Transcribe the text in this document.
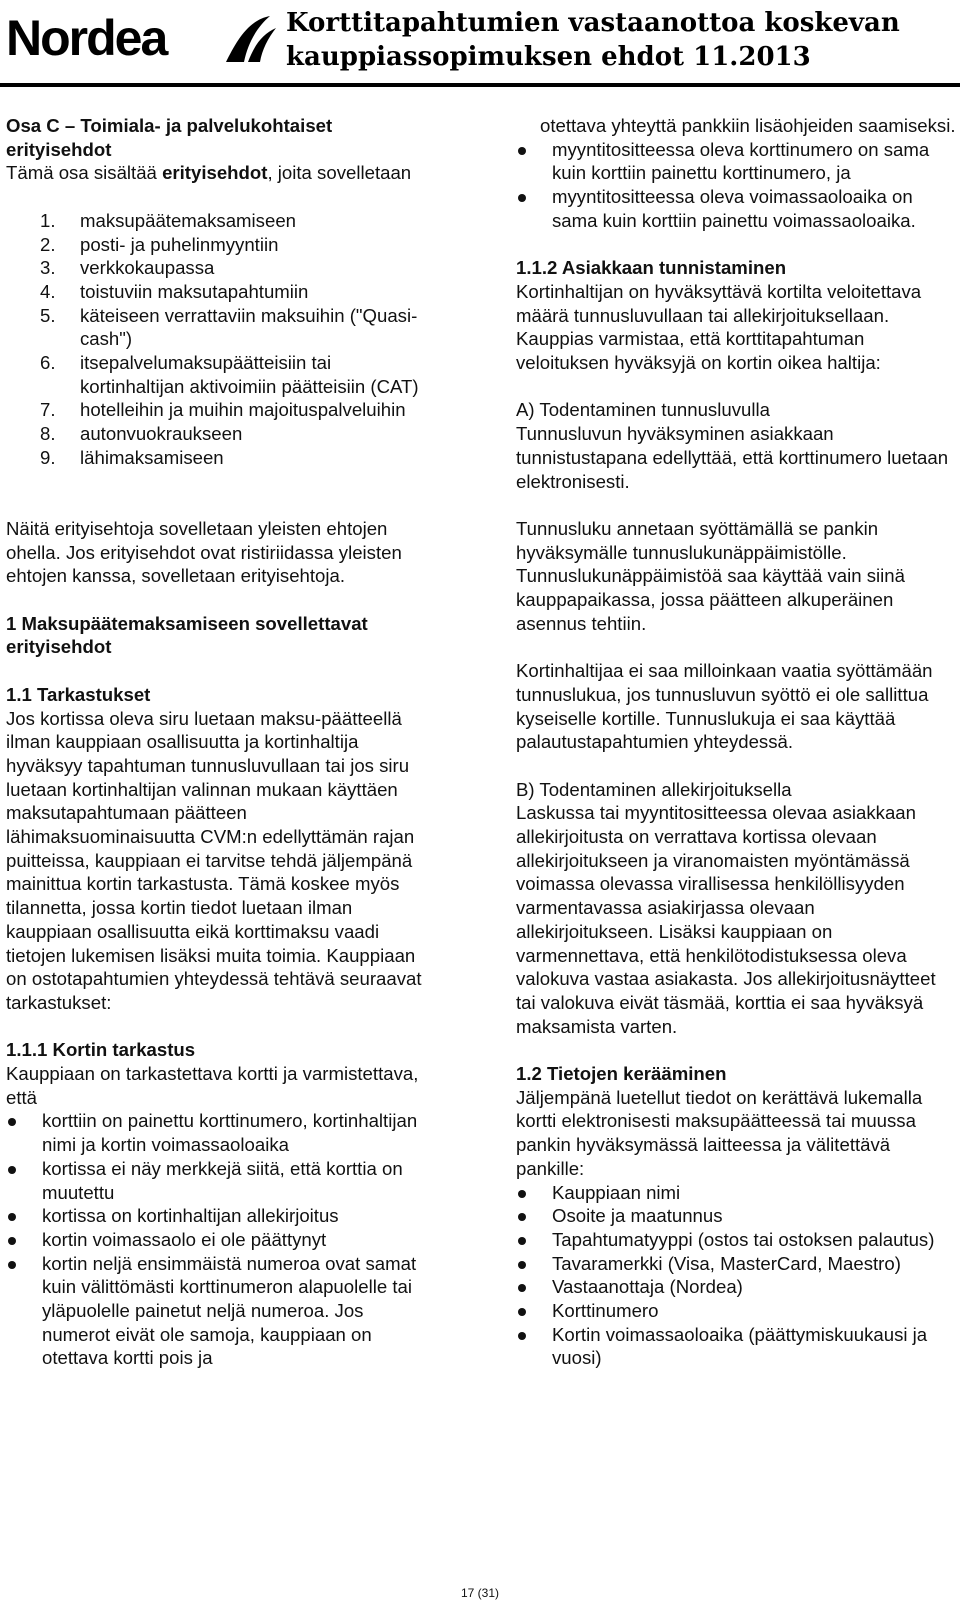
Nordea	Korttitapahtumien vastaanottoa koskevan kauppiassopimuksen ehdot 11.2013

Osa C – Toimiala- ja palvelukohtaiset erityisehdot

Tämä osa sisältää erityisehdot, joita sovelletaan

1. maksupäätemaksamiseen
2. posti- ja puhelinmyyntiin
3. verkkokaupassa
4. toistuviin maksutapahtumiin
5. käteiseen verrattaviin maksuihin ("Quasi-cash")
6. itsepalvelumaksupäätteisiin tai kortinhaltijan aktivoimiin päätteisiin (CAT)
7. hotelleihin ja muihin majoituspalveluihin
8. autonvuokraukseen
9. lähimaksamiseen

Näitä erityisehtoja sovelletaan yleisten ehtojen ohella. Jos erityisehdot ovat ristiriidassa yleisten ehtojen kanssa, sovelletaan erityisehtoja.

1 Maksupäätemaksamiseen sovellettavat erityisehdot

1.1 Tarkastukset

Jos kortissa oleva siru luetaan maksu-päätteellä ilman kauppiaan osallisuutta ja kortinhaltija hyväksyy tapahtuman tunnusluvullaan tai jos siru luetaan kortinhaltijan valinnan mukaan käyttäen maksutapahtumaan päätteen lähimaksuominaisuutta CVM:n edellyttämän rajan puitteissa, kauppiaan ei tarvitse tehdä jäljempänä mainittua kortin tarkastusta. Tämä koskee myös tilannetta, jossa kortin tiedot luetaan ilman kauppiaan osallisuutta eikä korttimaksu vaadi tietojen lukemisen lisäksi muita toimia. Kauppiaan on ostotapahtumien yhteydessä tehtävä seuraavat tarkastukset:

1.1.1 Kortin tarkastus

Kauppiaan on tarkastettava kortti ja varmistettava, että

korttiin on painettu korttinumero, kortinhaltijan nimi ja kortin voimassaoloaika
kortissa ei näy merkkejä siitä, että korttia on muutettu
kortissa on kortinhaltijan allekirjoitus
kortin voimassaolo ei ole päättynyt
kortin neljä ensimmäistä numeroa ovat samat kuin välittömästi korttinumeron alapuolelle tai yläpuolelle painetut neljä numeroa. Jos numerot eivät ole samoja, kauppiaan on otettava kortti pois ja

otettava yhteyttä pankkiin lisäohjeiden saamiseksi.

myyntitositteessa oleva korttinumero on sama kuin korttiin painettu korttinumero, ja
myyntitositteessa oleva voimassaoloaika on sama kuin korttiin painettu voimassaoloaika.

1.1.2 Asiakkaan tunnistaminen

Kortinhaltijan on hyväksyttävä kortilta veloitettava määrä tunnusluvullaan tai allekirjoituksellaan. Kauppias varmistaa, että korttitapahtuman veloituksen hyväksyjä on kortin oikea haltija:

A) Todentaminen tunnusluvulla

Tunnusluvun hyväksyminen asiakkaan tunnistustapana edellyttää, että korttinumero luetaan elektronisesti.

Tunnusluku annetaan syöttämällä se pankin hyväksymälle tunnuslukunäppäimistölle. Tunnuslukunäppäimistöä saa käyttää vain siinä kauppapaikassa, jossa päätteen alkuperäinen asennus tehtiin.

Kortinhaltijaa ei saa milloinkaan vaatia syöttämään tunnuslukua, jos tunnusluvun syöttö ei ole sallittua kyseiselle kortille. Tunnuslukuja ei saa käyttää palautustapahtumien yhteydessä.

B) Todentaminen allekirjoituksella

Laskussa tai myyntitositteessa olevaa asiakkaan allekirjoitusta on verrattava kortissa olevaan allekirjoitukseen ja viranomaisten myöntämässä voimassa olevassa virallisessa henkilöllisyyden varmentavassa asiakirjassa olevaan allekirjoitukseen. Lisäksi kauppiaan on varmennettava, että henkilötodistuksessa oleva valokuva vastaa asiakasta. Jos allekirjoitusnäytteet tai valokuva eivät täsmää, korttia ei saa hyväksyä maksamista varten.

1.2 Tietojen kerääminen

Jäljempänä luetellut tiedot on kerättävä lukemalla kortti elektronisesti maksupäätteessä tai muussa pankin hyväksymässä laitteessa ja välitettävä pankille:

Kauppiaan nimi
Osoite ja maatunnus
Tapahtumatyyppi (ostos tai ostoksen palautus)
Tavaramerkki (Visa, MasterCard, Maestro)
Vastaanottaja (Nordea)
Korttinumero
Kortin voimassaoloaika (päättymiskuukausi ja vuosi)
17 (31)
